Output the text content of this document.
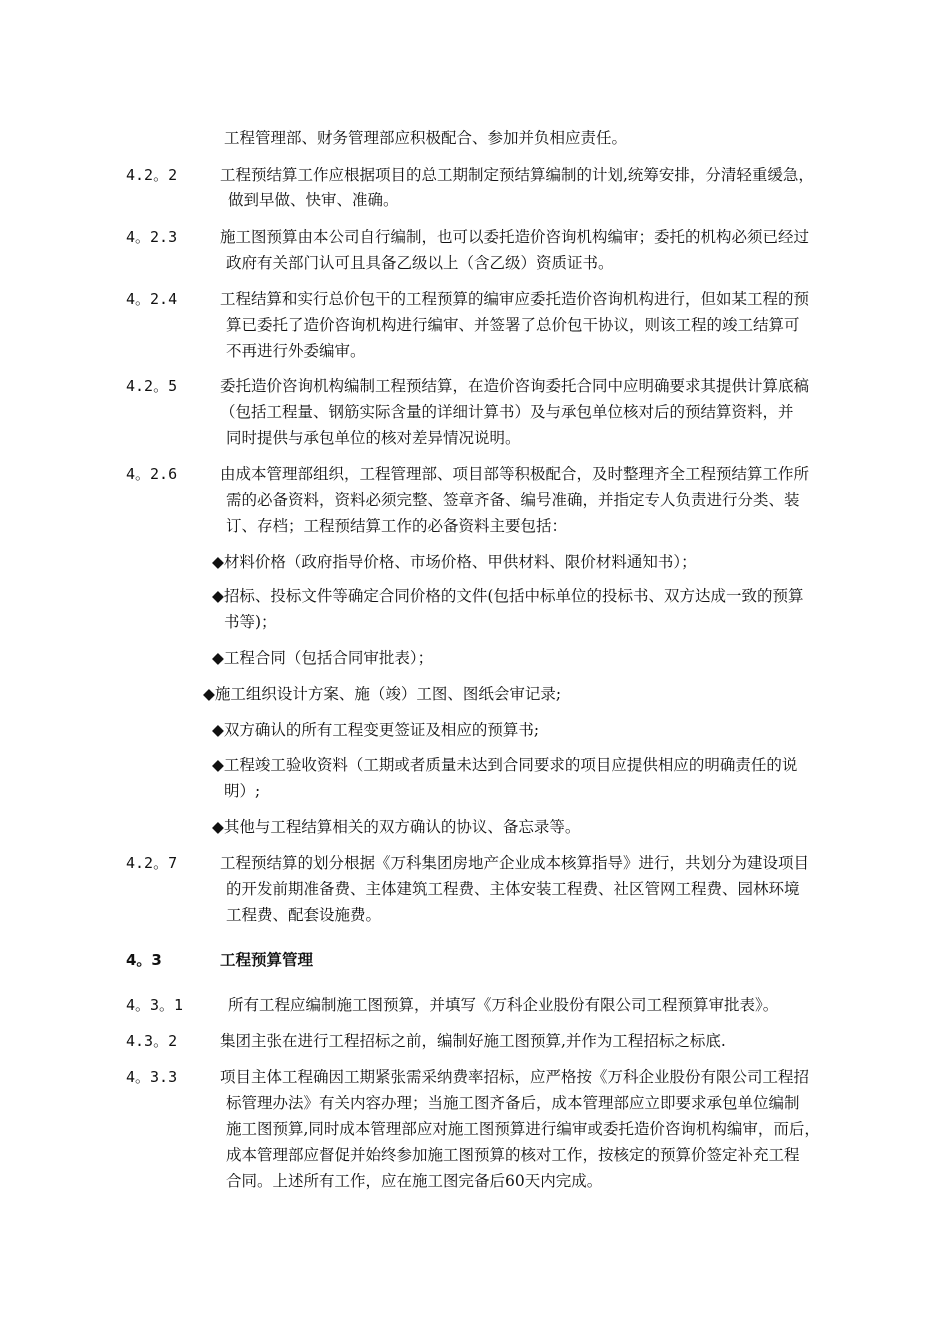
工程管理部、财务管理部应积极配合、参加并负相应责任。
4.2。2	工程预结算工作应根据项目的总工期制定预结算编制的计划,统筹安排，分清轻重缓急，
做到早做、快审、准确。
4。2.3	施工图预算由本公司自行编制，也可以委托造价咨询机构编审；委托的机构必须已经过
政府有关部门认可且具备乙级以上（含乙级）资质证书。
4。2.4	工程结算和实行总价包干的工程预算的编审应委托造价咨询机构进行，但如某工程的预
算已委托了造价咨询机构进行编审、并签署了总价包干协议，则该工程的竣工结算可
不再进行外委编审。
4.2。5	委托造价咨询机构编制工程预结算，在造价咨询委托合同中应明确要求其提供计算底稿
（包括工程量、钢筋实际含量的详细计算书）及与承包单位核对后的预结算资料，并
同时提供与承包单位的核对差异情况说明。
4。2.6	由成本管理部组织，工程管理部、项目部等积极配合，及时整理齐全工程预结算工作所
需的必备资料，资料必须完整、签章齐备、编号准确，并指定专人负责进行分类、装
订、存档；工程预结算工作的必备资料主要包括：
◆材料价格（政府指导价格、市场价格、甲供材料、限价材料通知书）；
◆招标、投标文件等确定合同价格的文件(包括中标单位的投标书、双方达成一致的预算
书等)；
◆工程合同（包括合同审批表）；
◆施工组织设计方案、施（竣）工图、图纸会审记录;
◆双方确认的所有工程变更签证及相应的预算书;
◆工程竣工验收资料（工期或者质量未达到合同要求的项目应提供相应的明确责任的说
明）;
◆其他与工程结算相关的双方确认的协议、备忘录等。
4.2。7	工程预结算的划分根据《万科集团房地产企业成本核算指导》进行，共划分为建设项目
的开发前期准备费、主体建筑工程费、主体安装工程费、社区管网工程费、园林环境
工程费、配套设施费。
4。3	工程预算管理
4。3。1	所有工程应编制施工图预算，并填写《万科企业股份有限公司工程预算审批表》。
4.3。2	集团主张在进行工程招标之前，编制好施工图预算,并作为工程招标之标底.
4。3.3	项目主体工程确因工期紧张需采纳费率招标，应严格按《万科企业股份有限公司工程招
标管理办法》有关内容办理；当施工图齐备后，成本管理部应立即要求承包单位编制
施工图预算,同时成本管理部应对施工图预算进行编审或委托造价咨询机构编审，而后，
成本管理部应督促并始终参加施工图预算的核对工作，按核定的预算价签定补充工程
合同。上述所有工作，应在施工图完备后60天内完成。
